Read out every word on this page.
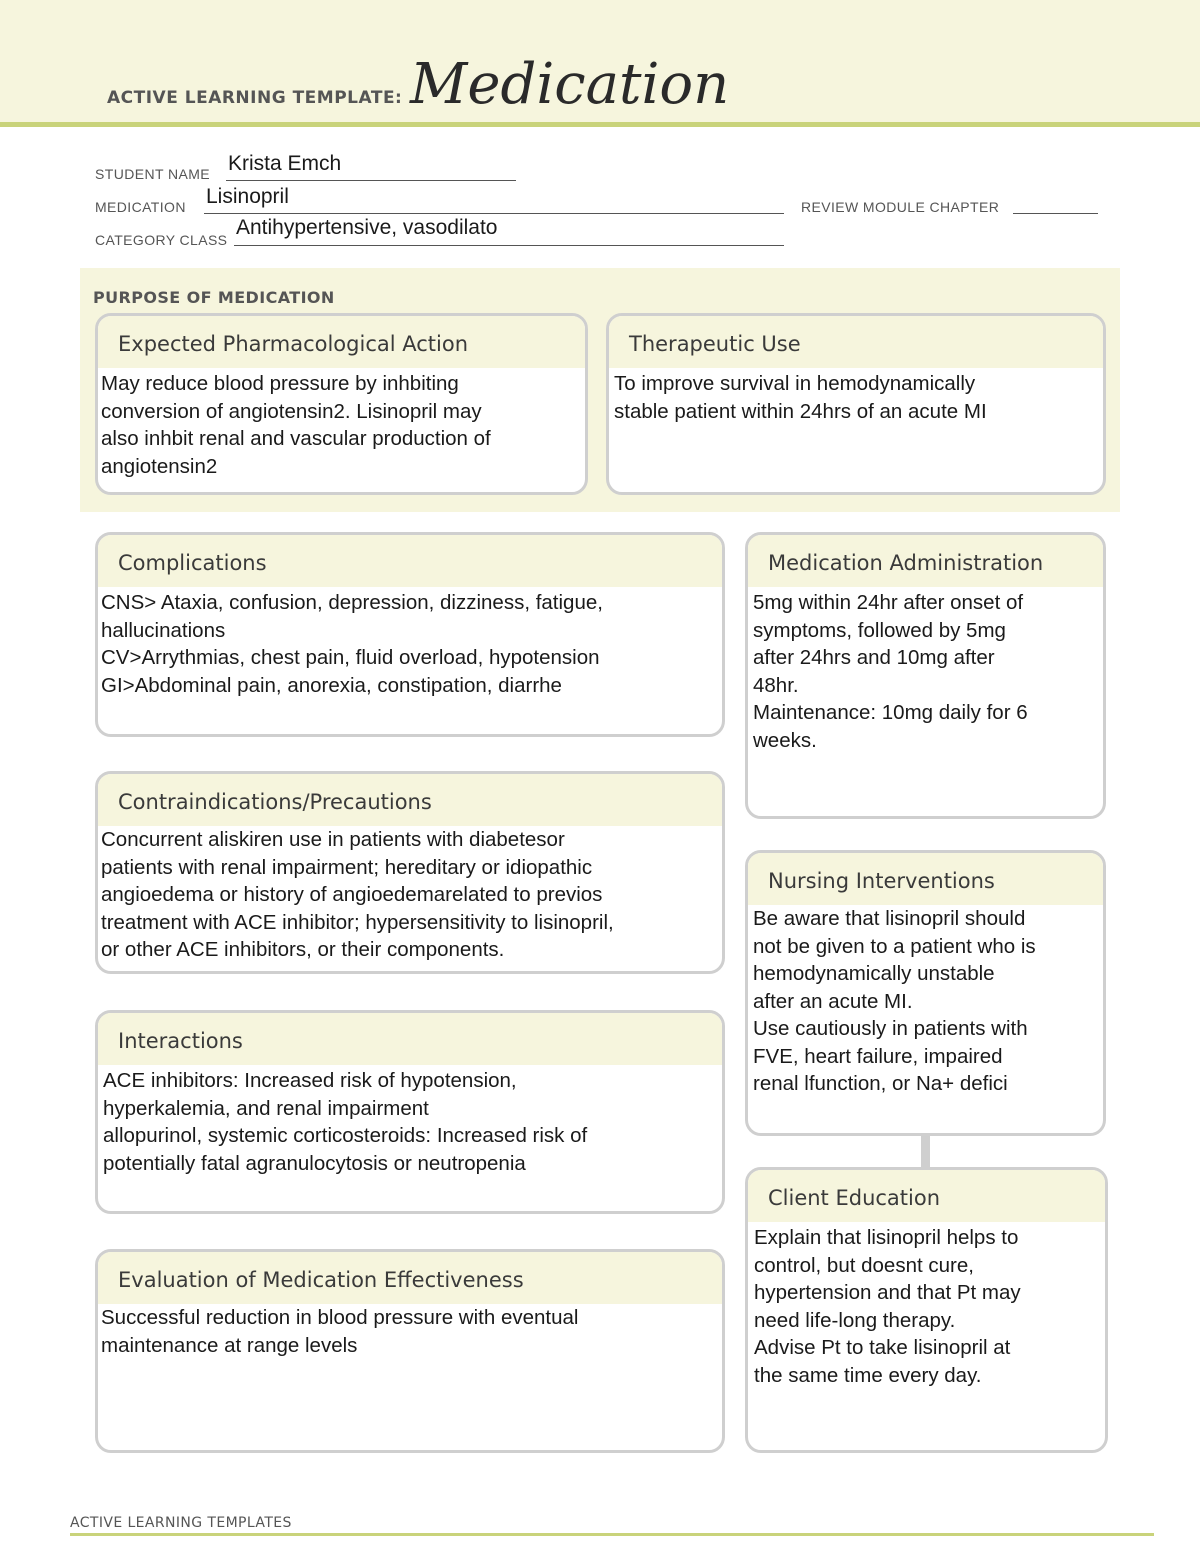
ACTIVE LEARNING TEMPLATE: Medication
STUDENT NAME Krista Emch
MEDICATION Lisinopril	REVIEW MODULE CHAPTER
CATEGORY CLASS
Antihypertensive, vasodilato
PURPOSE OF MEDICATION
Expected Pharmacological Action
May reduce blood pressure by inhbiting
conversion of angiotensin2. Lisinopril may
also inhbit renal and vascular production of
angiotensin2
Therapeutic Use
To improve survival in hemodynamically
stable patient within 24hrs of an acute MI
Complications
CNS> Ataxia, confusion, depression, dizziness, fatigue,
hallucinations
CV>Arrythmias, chest pain, fluid overload, hypotension
GI>Abdominal pain, anorexia, constipation, diarrhe
Medication Administration
5mg within 24hr after onset of
symptoms, followed by 5mg
after 24hrs and 10mg after
48hr.
Maintenance: 10mg daily for 6
weeks.
Contraindications/Precautions
Concurrent aliskiren use in patients with diabetesor
patients with renal impairment; hereditary or idiopathic
angioedema or history of angioedemarelated to previos
treatment with ACE inhibitor; hypersensitivity to lisinopril,
or other ACE inhibitors, or their components.
Nursing Interventions
Be aware that lisinopril should
not be given to a patient who is
hemodynamically unstable
after an acute MI.
Use cautiously in patients with
FVE, heart failure, impaired
renal lfunction, or Na+ defici
Interactions
ACE inhibitors: Increased risk of hypotension,
hyperkalemia, and renal impairment
allopurinol, systemic corticosteroids: Increased risk of
potentially fatal agranulocytosis or neutropenia
Client Education
Explain that lisinopril helps to
control, but doesnt cure,
hypertension and that Pt may
need life-long therapy.
Advise Pt to take lisinopril at
the same time every day.
Evaluation of Medication Effectiveness
Successful reduction in blood pressure with eventual
maintenance at range levels
ACTIVE LEARNING TEMPLATES
